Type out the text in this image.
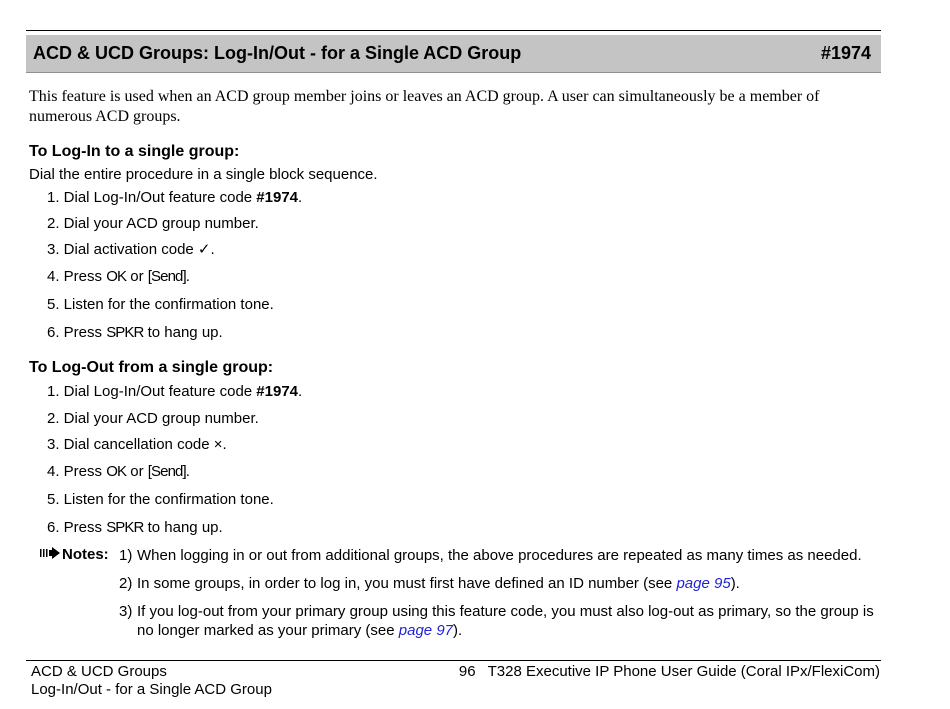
ACD & UCD Groups: Log-In/Out - for a Single ACD Group	#1974
This feature is used when an ACD group member joins or leaves an ACD group. A user can simultaneously be a member of numerous ACD groups.
To Log-In to a single group:
Dial the entire procedure in a single block sequence.
1. Dial Log-In/Out feature code #1974.
2. Dial your ACD group number.
3. Dial activation code ✓.
4. Press OK or [Send].
5. Listen for the confirmation tone.
6. Press SPKR to hang up.
To Log-Out from a single group:
1. Dial Log-In/Out feature code #1974.
2. Dial your ACD group number.
3. Dial cancellation code ×.
4. Press OK or [Send].
5. Listen for the confirmation tone.
6. Press SPKR to hang up.
Notes: 1) When logging in or out from additional groups, the above procedures are repeated as many times as needed.
2) In some groups, in order to log in, you must first have defined an ID number (see page 95).
3) If you log-out from your primary group using this feature code, you must also log-out as primary, so the group is no longer marked as your primary (see page 97).
ACD & UCD Groups
Log-In/Out - for a Single ACD Group
96 T328 Executive IP Phone User Guide (Coral IPx/FlexiCom)
